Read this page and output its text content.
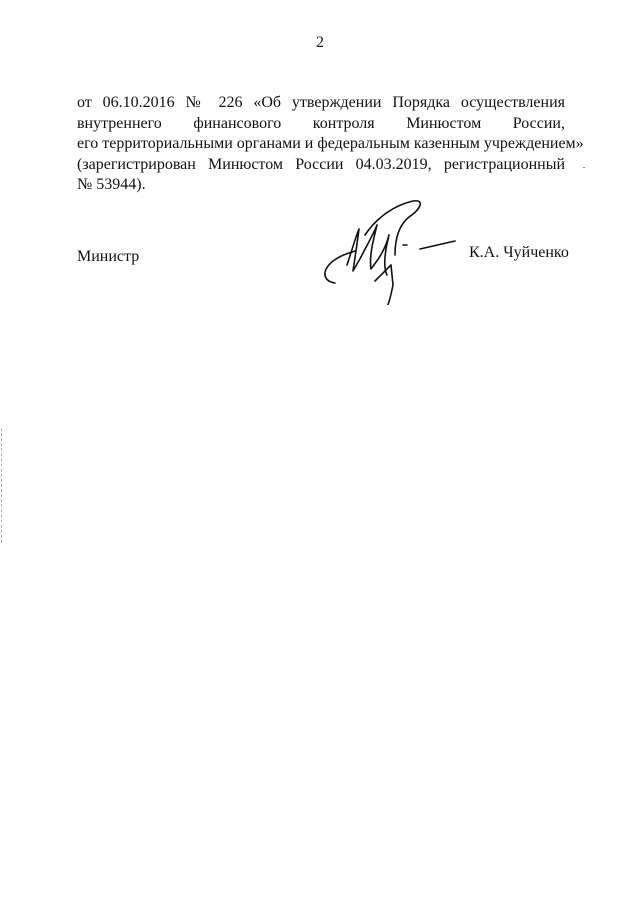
2
от 06.10.2016 № 226 «Об утверждении Порядка осуществления
внутреннего финансового контроля Минюстом России,
его территориальными органами и федеральным казенным учреждением»
(зарегистрирован Минюстом России 04.03.2019, регистрационный
№ 53944).
Министр	К.А. Чуйченко
